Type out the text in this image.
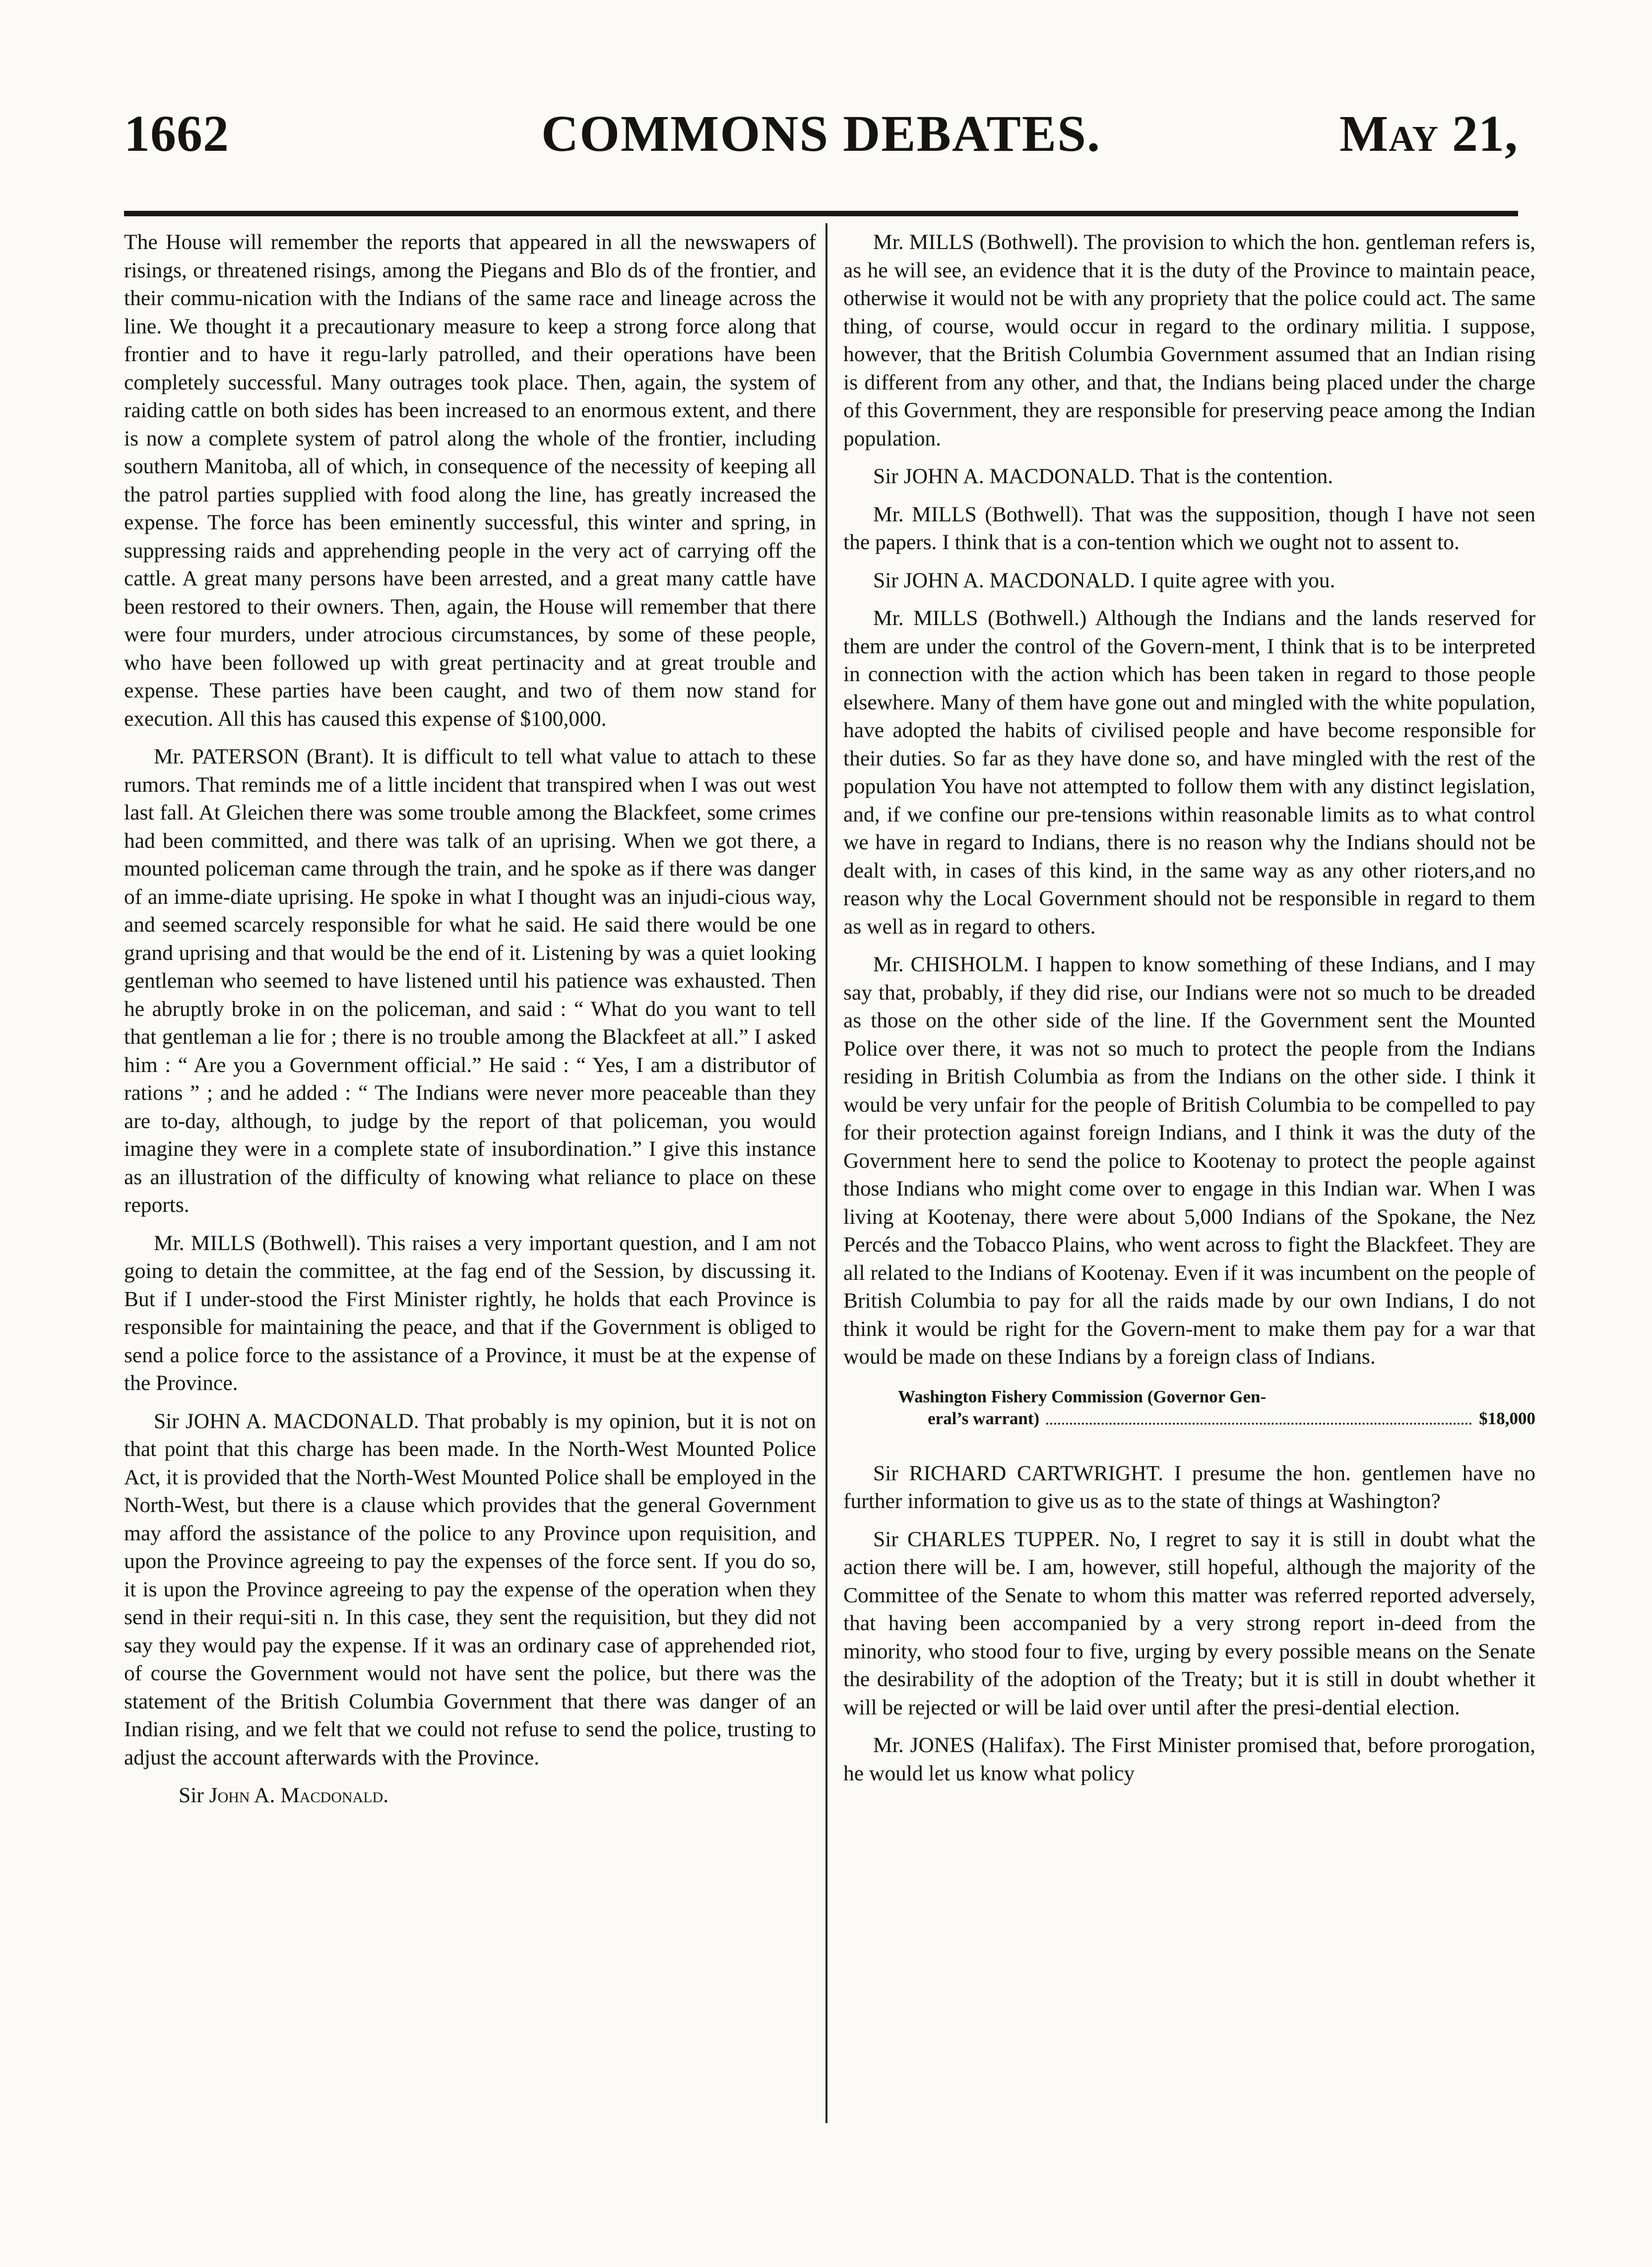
1662	COMMONS DEBATES.	May 21,

The House will remember the reports that appeared in all the newswapers of risings, or threatened risings, among the Piegans and Blo ds of the frontier, and their commu-nication with the Indians of the same race and lineage across the line. We thought it a precautionary measure to keep a strong force along that frontier and to have it regu-larly patrolled, and their operations have been completely successful. Many outrages took place. Then, again, the system of raiding cattle on both sides has been increased to an enormous extent, and there is now a complete system of patrol along the whole of the frontier, including southern Manitoba, all of which, in consequence of the necessity of keeping all the patrol parties supplied with food along the line, has greatly increased the expense. The force has been eminently successful, this winter and spring, in suppressing raids and apprehending people in the very act of carrying off the cattle. A great many persons have been arrested, and a great many cattle have been restored to their owners. Then, again, the House will remember that there were four murders, under atrocious circumstances, by some of these people, who have been followed up with great pertinacity and at great trouble and expense. These parties have been caught, and two of them now stand for execution. All this has caused this expense of $100,000.

Mr. PATERSON (Brant). It is difficult to tell what value to attach to these rumors. That reminds me of a little incident that transpired when I was out west last fall. At Gleichen there was some trouble among the Blackfeet, some crimes had been committed, and there was talk of an uprising. When we got there, a mounted policeman came through the train, and he spoke as if there was danger of an imme-diate uprising. He spoke in what I thought was an injudi-cious way, and seemed scarcely responsible for what he said. He said there would be one grand uprising and that would be the end of it. Listening by was a quiet looking gentleman who seemed to have listened until his patience was exhausted. Then he abruptly broke in on the policeman, and said : “ What do you want to tell that gentleman a lie for ; there is no trouble among the Blackfeet at all.” I asked him : “ Are you a Government official.” He said : “ Yes, I am a distributor of rations ” ; and he added : “ The Indians were never more peaceable than they are to-day, although, to judge by the report of that policeman, you would imagine they were in a complete state of insubordination.” I give this instance as an illustration of the difficulty of knowing what reliance to place on these reports.

Mr. MILLS (Bothwell). This raises a very important question, and I am not going to detain the committee, at the fag end of the Session, by discussing it. But if I under-stood the First Minister rightly, he holds that each Province is responsible for maintaining the peace, and that if the Government is obliged to send a police force to the assistance of a Province, it must be at the expense of the Province.

Sir JOHN A. MACDONALD. That probably is my opinion, but it is not on that point that this charge has been made. In the North-West Mounted Police Act, it is provided that the North-West Mounted Police shall be employed in the North-West, but there is a clause which provides that the general Government may afford the assistance of the police to any Province upon requisition, and upon the Province agreeing to pay the expenses of the force sent. If you do so, it is upon the Province agreeing to pay the expense of the operation when they send in their requi-siti n. In this case, they sent the requisition, but they did not say they would pay the expense. If it was an ordinary case of apprehended riot, of course the Government would not have sent the police, but there was the statement of the British Columbia Government that there was danger of an Indian rising, and we felt that we could not refuse to send the police, trusting to adjust the account afterwards with the Province.

Sir John A. Macdonald.

Mr. MILLS (Bothwell). The provision to which the hon. gentleman refers is, as he will see, an evidence that it is the duty of the Province to maintain peace, otherwise it would not be with any propriety that the police could act. The same thing, of course, would occur in regard to the ordinary militia. I suppose, however, that the British Columbia Government assumed that an Indian rising is different from any other, and that, the Indians being placed under the charge of this Government, they are responsible for preserving peace among the Indian population.

Sir JOHN A. MACDONALD. That is the contention.

Mr. MILLS (Bothwell). That was the supposition, though I have not seen the papers. I think that is a con-tention which we ought not to assent to.

Sir JOHN A. MACDONALD. I quite agree with you.

Mr. MILLS (Bothwell.) Although the Indians and the lands reserved for them are under the control of the Govern-ment, I think that is to be interpreted in connection with the action which has been taken in regard to those people elsewhere. Many of them have gone out and mingled with the white population, have adopted the habits of civilised people and have become responsible for their duties. So far as they have done so, and have mingled with the rest of the population You have not attempted to follow them with any distinct legislation, and, if we confine our pre-tensions within reasonable limits as to what control we have in regard to Indians, there is no reason why the Indians should not be dealt with, in cases of this kind, in the same way as any other rioters,and no reason why the Local Government should not be responsible in regard to them as well as in regard to others.

Mr. CHISHOLM. I happen to know something of these Indians, and I may say that, probably, if they did rise, our Indians were not so much to be dreaded as those on the other side of the line. If the Government sent the Mounted Police over there, it was not so much to protect the people from the Indians residing in British Columbia as from the Indians on the other side. I think it would be very unfair for the people of British Columbia to be compelled to pay for their protection against foreign Indians, and I think it was the duty of the Government here to send the police to Kootenay to protect the people against those Indians who might come over to engage in this Indian war. When I was living at Kootenay, there were about 5,000 Indians of the Spokane, the Nez Percés and the Tobacco Plains, who went across to fight the Blackfeet. They are all related to the Indians of Kootenay. Even if it was incumbent on the people of British Columbia to pay for all the raids made by our own Indians, I do not think it would be right for the Govern-ment to make them pay for a war that would be made on these Indians by a foreign class of Indians.

Washington Fishery Commission (Governor Gen-
eral’s warrant)	$18,000

Sir RICHARD CARTWRIGHT. I presume the hon. gentlemen have no further information to give us as to the state of things at Washington?

Sir CHARLES TUPPER. No, I regret to say it is still in doubt what the action there will be. I am, however, still hopeful, although the majority of the Committee of the Senate to whom this matter was referred reported adversely, that having been accompanied by a very strong report in-deed from the minority, who stood four to five, urging by every possible means on the Senate the desirability of the adoption of the Treaty; but it is still in doubt whether it will be rejected or will be laid over until after the presi-dential election.

Mr. JONES (Halifax). The First Minister promised that, before prorogation, he would let us know what policy
